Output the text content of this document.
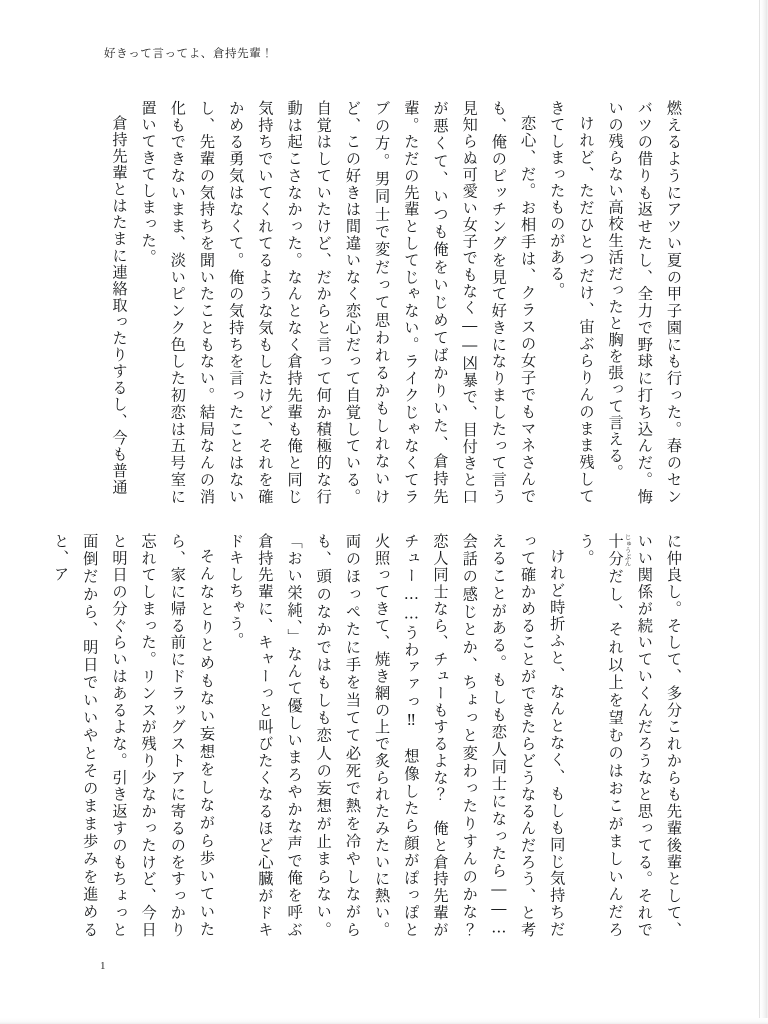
好きって言ってよ、倉持先輩！

燃えるようにアツい夏の甲子園にも行った。春のセンバツの借りも返せたし、全力で野球に打ち込んだ。悔いの残らない高校生活だったと胸を張って言える。

けれど、ただひとつだけ、宙ぶらりんのまま残してきてしまったものがある。

恋心、だ。お相手は、クラスの女子でもマネさんでも、俺のピッチングを見て好きになりましたって言う見知らぬ可愛い女子でもなく――凶暴で、目付きと口が悪くて、いつも俺をいじめてばかりいた、倉持先輩。ただの先輩としてじゃない。ライクじゃなくてラブの方。男同士で変だって思われるかもしれないけど、この好きは間違いなく恋心だって自覚している。自覚はしていたけど、だからと言って何か積極的な行動は起こさなかった。なんとなく倉持先輩も俺と同じ気持ちでいてくれてるような気もしたけど、それを確かめる勇気はなくて。俺の気持ちを言ったことはないし、先輩の気持ちを聞いたこともない。結局なんの消化もできないまま、淡いピンク色した初恋は五号室に置いてきてしまった。

倉持先輩とはたまに連絡取ったりするし、今も普通

に仲良し。そして、多分これからも先輩後輩として、いい関係が続いていくんだろうなと思ってる。それで十分 じゅうぶんだし、それ以上を望むのはおこがましいんだろう。

けれど時折ふと、なんとなく、もしも同じ気持ちだって確かめることができたらどうなるんだろう、と考えることがある。もしも恋人同士になったら――…会話の感じとか、ちょっと変わったりすんのかな？　恋人同士なら、チューもするよな？　俺と倉持先輩がチュー……うわァァっ‼　想像したら顔がぽっぽと火照ってきて、焼き網の上で炙られたみたいに熱い。両のほっぺたに手を当てて必死で熱を冷やしながらも、頭のなかではもしも恋人の妄想が止まらない。「おい栄純、」なんて優しいまろやかな声で俺を呼ぶ倉持先輩に、キャーっと叫びたくなるほど心臓がドキドキしちゃう。

そんなとりとめもない妄想をしながら歩いていたら、家に帰る前にドラッグストアに寄るのをすっかり忘れてしまった。リンスが残り少なかったけど、今日と明日の分ぐらいはあるよな。引き返すのもちょっと面倒だから、明日でいいやとそのまま歩みを進めると、ア

1
